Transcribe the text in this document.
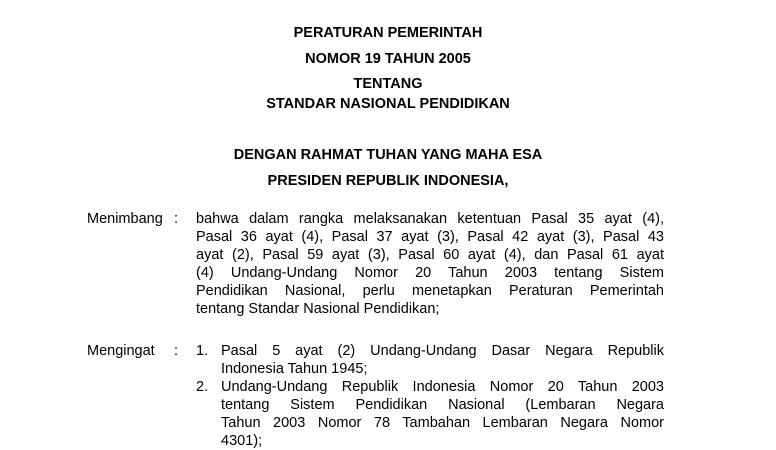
PERATURAN PEMERINTAH
NOMOR 19 TAHUN 2005
TENTANG
STANDAR NASIONAL PENDIDIKAN
DENGAN RAHMAT TUHAN YANG MAHA ESA
PRESIDEN REPUBLIK INDONESIA,
Menimbang : bahwa dalam rangka melaksanakan ketentuan Pasal 35 ayat (4),
Pasal 36 ayat (4), Pasal 37 ayat (3), Pasal 42 ayat (3), Pasal 43
ayat (2), Pasal 59 ayat (3), Pasal 60 ayat (4), dan Pasal 61 ayat
(4) Undang-Undang Nomor 20 Tahun 2003 tentang Sistem
Pendidikan Nasional, perlu menetapkan Peraturan Pemerintah
tentang Standar Nasional Pendidikan;
Mengingat : 1. Pasal 5 ayat (2) Undang-Undang Dasar Negara Republik
Indonesia Tahun 1945;
2. Undang-Undang Republik Indonesia Nomor 20 Tahun 2003
tentang Sistem Pendidikan Nasional (Lembaran Negara
Tahun 2003 Nomor 78 Tambahan Lembaran Negara Nomor
4301);
